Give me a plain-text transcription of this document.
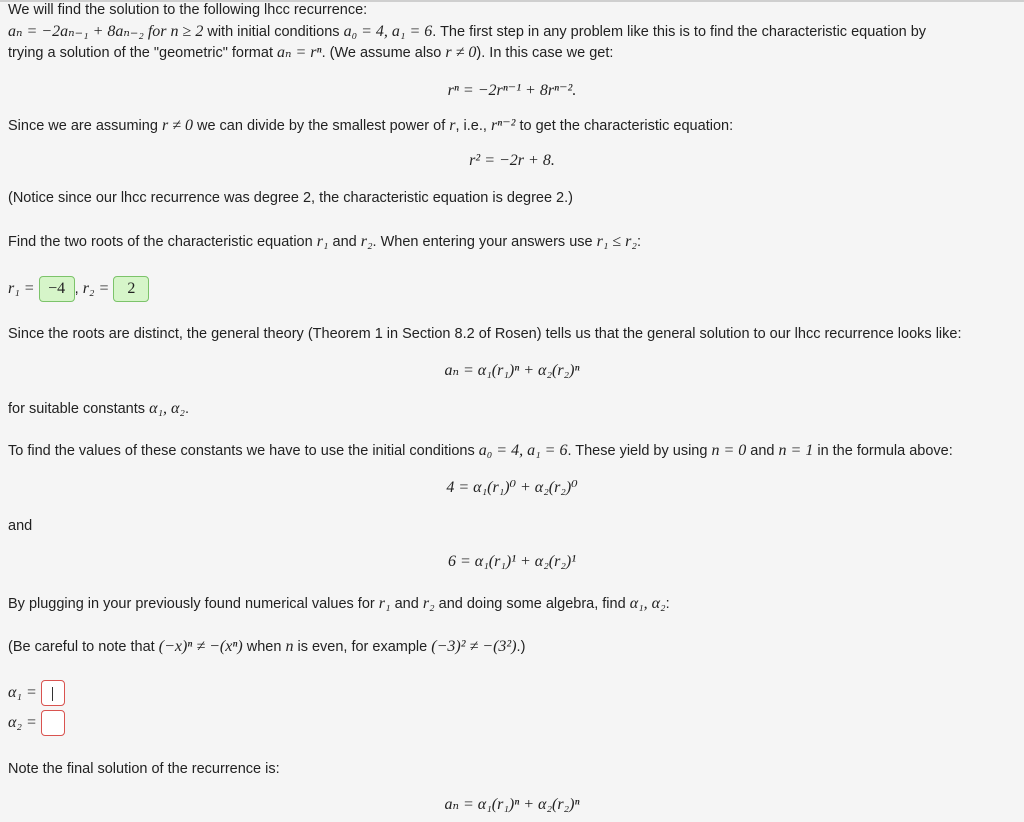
We will find the solution to the following lhcc recurrence:
aₙ = −2aₙ₋₁ + 8aₙ₋₂ for n ≥ 2 with initial conditions a₀ = 4, a₁ = 6. The first step in any problem like this is to find the characteristic equation by
trying a solution of the "geometric" format aₙ = rⁿ. (We assume also r ≠ 0). In this case we get:
rⁿ = −2rⁿ⁻¹ + 8rⁿ⁻².
Since we are assuming r ≠ 0 we can divide by the smallest power of r, i.e., rⁿ⁻² to get the characteristic equation:
r² = −2r + 8.
(Notice since our lhcc recurrence was degree 2, the characteristic equation is degree 2.)
Find the two roots of the characteristic equation r₁ and r₂. When entering your answers use r₁ ≤ r₂:
r₁ = −4 , r₂ = 2
Since the roots are distinct, the general theory (Theorem 1 in Section 8.2 of Rosen) tells us that the general solution to our lhcc recurrence looks like:
aₙ = α₁(r₁)ⁿ + α₂(r₂)ⁿ
for suitable constants α₁, α₂.
To find the values of these constants we have to use the initial conditions a₀ = 4, a₁ = 6. These yield by using n = 0 and n = 1 in the formula above:
4 = α₁(r₁)⁰ + α₂(r₂)⁰
and
6 = α₁(r₁)¹ + α₂(r₂)¹
By plugging in your previously found numerical values for r₁ and r₂ and doing some algebra, find α₁, α₂:
(Be careful to note that (−x)ⁿ ≠ −(xⁿ) when n is even, for example (−3)² ≠ −(3²).)
α₁ =
α₂ =
Note the final solution of the recurrence is:
aₙ = α₁(r₁)ⁿ + α₂(r₂)ⁿ
